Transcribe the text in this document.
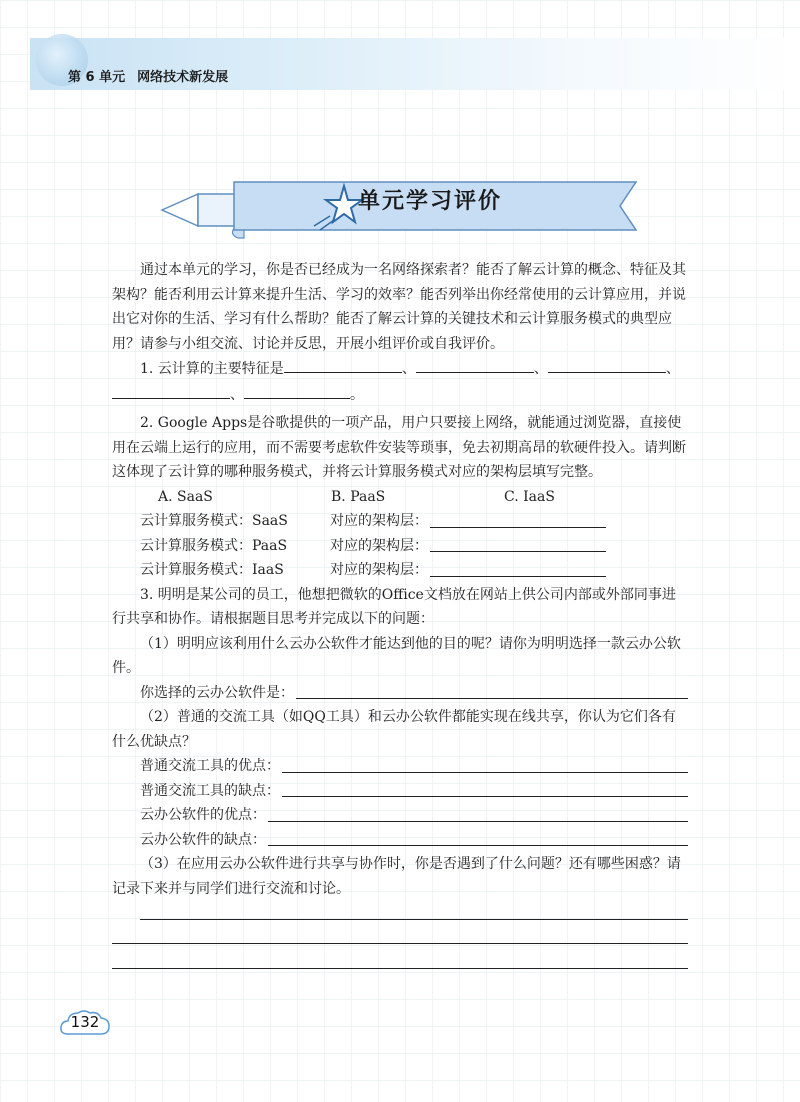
第 6 单元 网络技术新发展
单元学习评价

通过本单元的学习，你是否已经成为一名网络探索者？能否了解云计算的概念、特征及其架构？能否利用云计算来提升生活、学习的效率？能否列举出你经常使用的云计算应用，并说出它对你的生活、学习有什么帮助？能否了解云计算的关键技术和云计算服务模式的典型应用？请参与小组交流、讨论并反思，开展小组评价或自我评价。

1. 云计算的主要特征是	、	、	、
、	。

2. Google Apps是谷歌提供的一项产品，用户只要接上网络，就能通过浏览器，直接使用在云端上运行的应用，而不需要考虑软件安装等琐事，免去初期高昂的软硬件投入。请判断这体现了云计算的哪种服务模式，并将云计算服务模式对应的架构层填写完整。

A. SaaS	B. PaaS	C. IaaS
云计算服务模式：SaaS	对应的架构层：
云计算服务模式：PaaS	对应的架构层：
云计算服务模式：IaaS	对应的架构层：

3. 明明是某公司的员工，他想把微软的Office文档放在网站上供公司内部或外部同事进行共享和协作。请根据题目思考并完成以下的问题：

（1）明明应该利用什么云办公软件才能达到他的目的呢？请你为明明选择一款云办公软件。

你选择的云办公软件是：

（2）普通的交流工具（如QQ工具）和云办公软件都能实现在线共享，你认为它们各有什么优缺点？

普通交流工具的优点：
普通交流工具的缺点：
云办公软件的优点：
云办公软件的缺点：

（3）在应用云办公软件进行共享与协作时，你是否遇到了什么问题？还有哪些困惑？请记录下来并与同学们进行交流和讨论。

132
